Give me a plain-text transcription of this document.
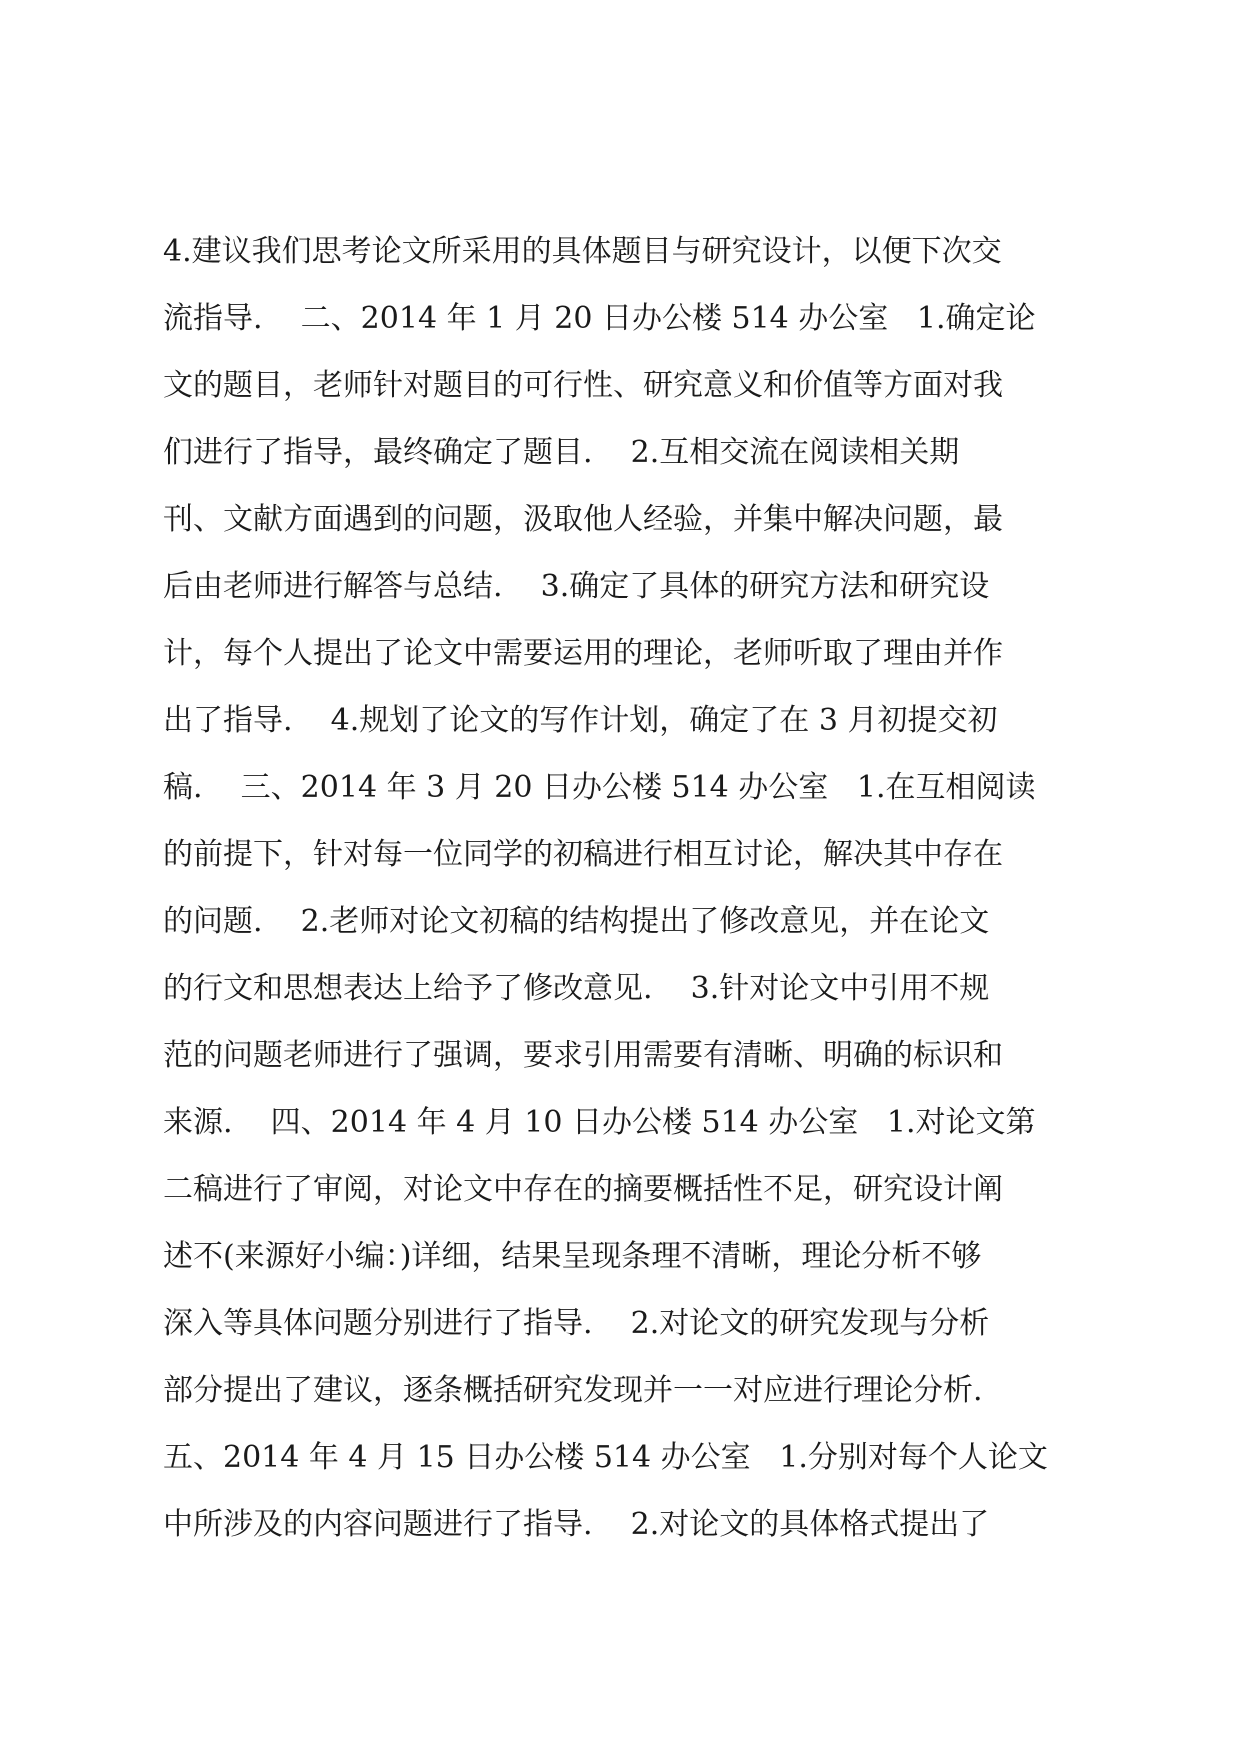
4.建议我们思考论文所采用的具体题目与研究设计，以便下次交
流指导.    二、2014 年 1 月 20 日办公楼 514 办公室   1.确定论
文的题目，老师针对题目的可行性、研究意义和价值等方面对我
们进行了指导，最终确定了题目.    2.互相交流在阅读相关期
刊、文献方面遇到的问题，汲取他人经验，并集中解决问题，最
后由老师进行解答与总结.    3.确定了具体的研究方法和研究设
计，每个人提出了论文中需要运用的理论，老师听取了理由并作
出了指导.    4.规划了论文的写作计划，确定了在 3 月初提交初
稿.    三、2014 年 3 月 20 日办公楼 514 办公室   1.在互相阅读
的前提下，针对每一位同学的初稿进行相互讨论，解决其中存在
的问题.    2.老师对论文初稿的结构提出了修改意见，并在论文
的行文和思想表达上给予了修改意见.    3.针对论文中引用不规
范的问题老师进行了强调，要求引用需要有清晰、明确的标识和
来源.    四、2014 年 4 月 10 日办公楼 514 办公室   1.对论文第
二稿进行了审阅，对论文中存在的摘要概括性不足，研究设计阐
述不(来源好小编：)详细，结果呈现条理不清晰，理论分析不够
深入等具体问题分别进行了指导.    2.对论文的研究发现与分析
部分提出了建议，逐条概括研究发现并一一对应进行理论分析.
五、2014 年 4 月 15 日办公楼 514 办公室   1.分别对每个人论文
中所涉及的内容问题进行了指导.    2.对论文的具体格式提出了
